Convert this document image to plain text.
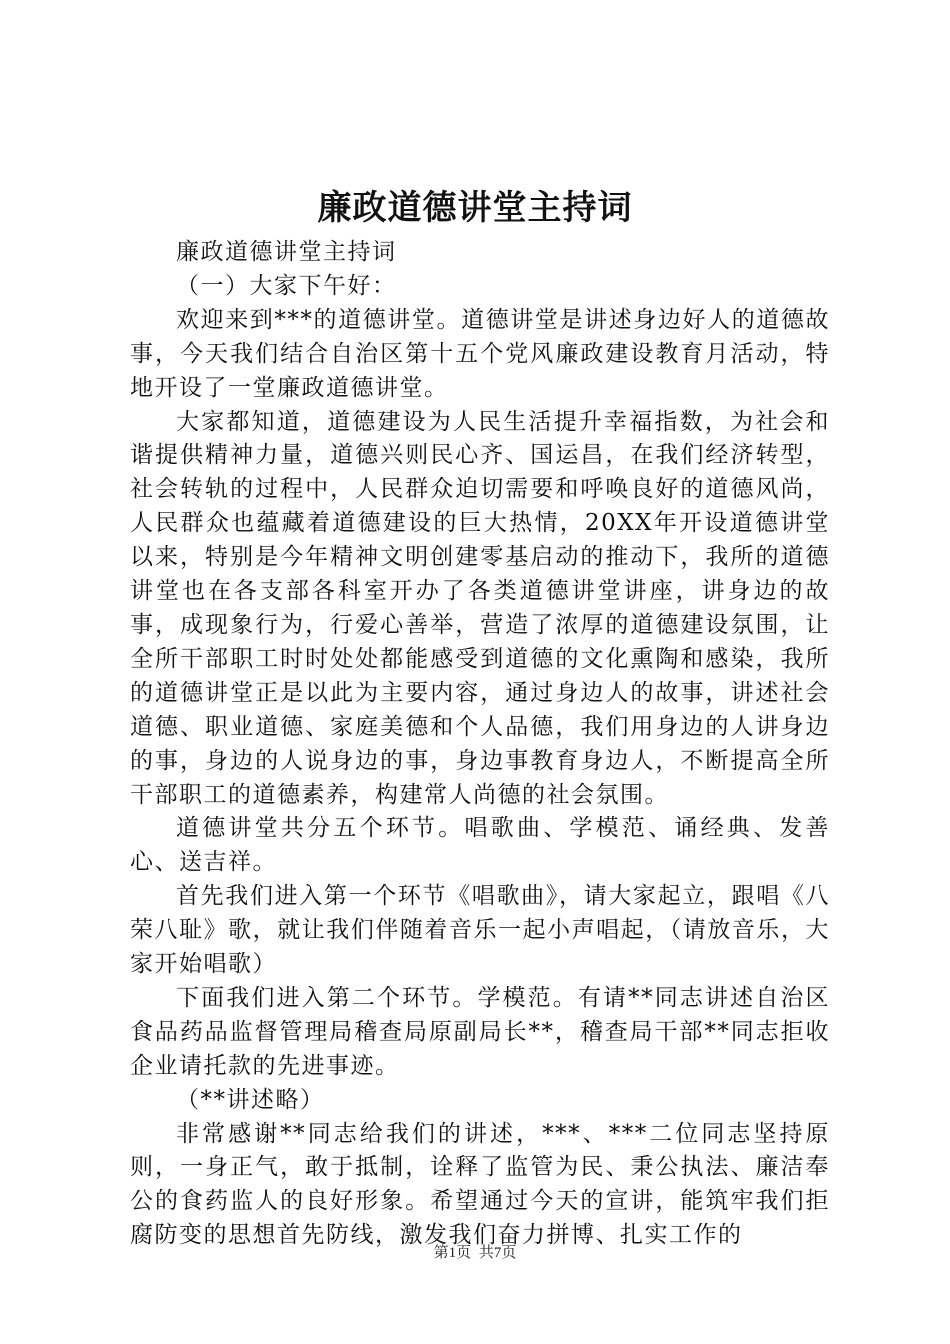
廉政道德讲堂主持词

廉政道德讲堂主持词

（一）大家下午好：

欢迎来到***的道德讲堂。道德讲堂是讲述身边好人的道德故事，今天我们结合自治区第十五个党风廉政建设教育月活动，特地开设了一堂廉政道德讲堂。

大家都知道，道德建设为人民生活提升幸福指数，为社会和谐提供精神力量，道德兴则民心齐、国运昌，在我们经济转型，社会转轨的过程中，人民群众迫切需要和呼唤良好的道德风尚，人民群众也蕴藏着道德建设的巨大热情，20XX年开设道德讲堂以来，特别是今年精神文明创建零基启动的推动下，我所的道德讲堂也在各支部各科室开办了各类道德讲堂讲座，讲身边的故事，成现象行为，行爱心善举，营造了浓厚的道德建设氛围，让全所干部职工时时处处都能感受到道德的文化熏陶和感染，我所的道德讲堂正是以此为主要内容，通过身边人的故事，讲述社会道德、职业道德、家庭美德和个人品德，我们用身边的人讲身边的事，身边的人说身边的事，身边事教育身边人，不断提高全所干部职工的道德素养，构建常人尚德的社会氛围。

道德讲堂共分五个环节。唱歌曲、学模范、诵经典、发善心、送吉祥。

首先我们进入第一个环节《唱歌曲》，请大家起立，跟唱《八荣八耻》歌，就让我们伴随着音乐一起小声唱起，（请放音乐，大家开始唱歌）

下面我们进入第二个环节。学模范。有请**同志讲述自治区食品药品监督管理局稽查局原副局长**，稽查局干部**同志拒收企业请托款的先进事迹。

（**讲述略）

非常感谢**同志给我们的讲述，***、***二位同志坚持原则，一身正气，敢于抵制，诠释了监管为民、秉公执法、廉洁奉公的食药监人的良好形象。希望通过今天的宣讲，能筑牢我们拒腐防变的思想首先防线，激发我们奋力拼博、扎实工作的

第1页 共7页
